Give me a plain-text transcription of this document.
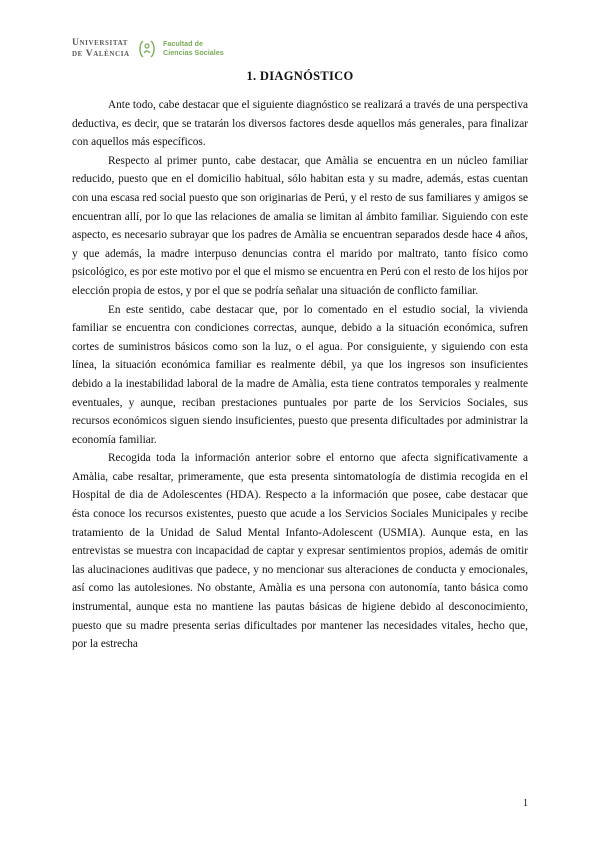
Universitat
de València
Facultad de
Ciencias Sociales
1. DIAGNÓSTICO

Ante todo, cabe destacar que el siguiente diagnóstico se realizará a través de una perspectiva deductiva, es decir, que se tratarán los diversos factores desde aquellos más generales, para finalizar con aquellos más específicos.

Respecto al primer punto, cabe destacar, que Amàlia se encuentra en un núcleo familiar reducido, puesto que en el domicilio habitual, sólo habitan esta y su madre, además, estas cuentan con una escasa red social puesto que son originarias de Perú, y el resto de sus familiares y amigos se encuentran allí, por lo que las relaciones de amalia se limitan al ámbito familiar. Siguiendo con este aspecto, es necesario subrayar que los padres de Amàlia se encuentran separados desde hace 4 años, y que además, la madre interpuso denuncias contra el marido por maltrato, tanto físico como psicológico, es por este motivo por el que el mismo se encuentra en Perú con el resto de los hijos por elección propia de estos, y por el que se podría señalar una situación de conflicto familiar.

En este sentido, cabe destacar que, por lo comentado en el estudio social, la vivienda familiar se encuentra con condiciones correctas, aunque, debido a la situación económica, sufren cortes de suministros básicos como son la luz, o el agua. Por consiguiente, y siguiendo con esta línea, la situación económica familiar es realmente débil, ya que los ingresos son insuficientes debido a la inestabilidad laboral de la madre de Amàlia, esta tiene contratos temporales y realmente eventuales, y aunque, reciban prestaciones puntuales por parte de los Servicios Sociales, sus recursos económicos siguen siendo insuficientes, puesto que presenta dificultades por administrar la economía familiar.

Recogida toda la información anterior sobre el entorno que afecta significativamente a Amàlia, cabe resaltar, primeramente, que esta presenta sintomatología de distimia recogida en el Hospital de dia de Adolescentes (HDA). Respecto a la información que posee, cabe destacar que ésta conoce los recursos existentes, puesto que acude a los Servicios Sociales Municipales y recibe tratamiento de la Unidad de Salud Mental Infanto-Adolescent (USMIA). Aunque esta, en las entrevistas se muestra con incapacidad de captar y expresar sentimientos propios, además de omitir las alucinaciones auditivas que padece, y no mencionar sus alteraciones de conducta y emocionales, así como las autolesiones. No obstante, Amàlia es una persona con autonomía, tanto básica como instrumental, aunque esta no mantiene las pautas básicas de higiene debido al desconocimiento, puesto que su madre presenta serias dificultades por mantener las necesidades vitales, hecho que, por la estrecha

1
